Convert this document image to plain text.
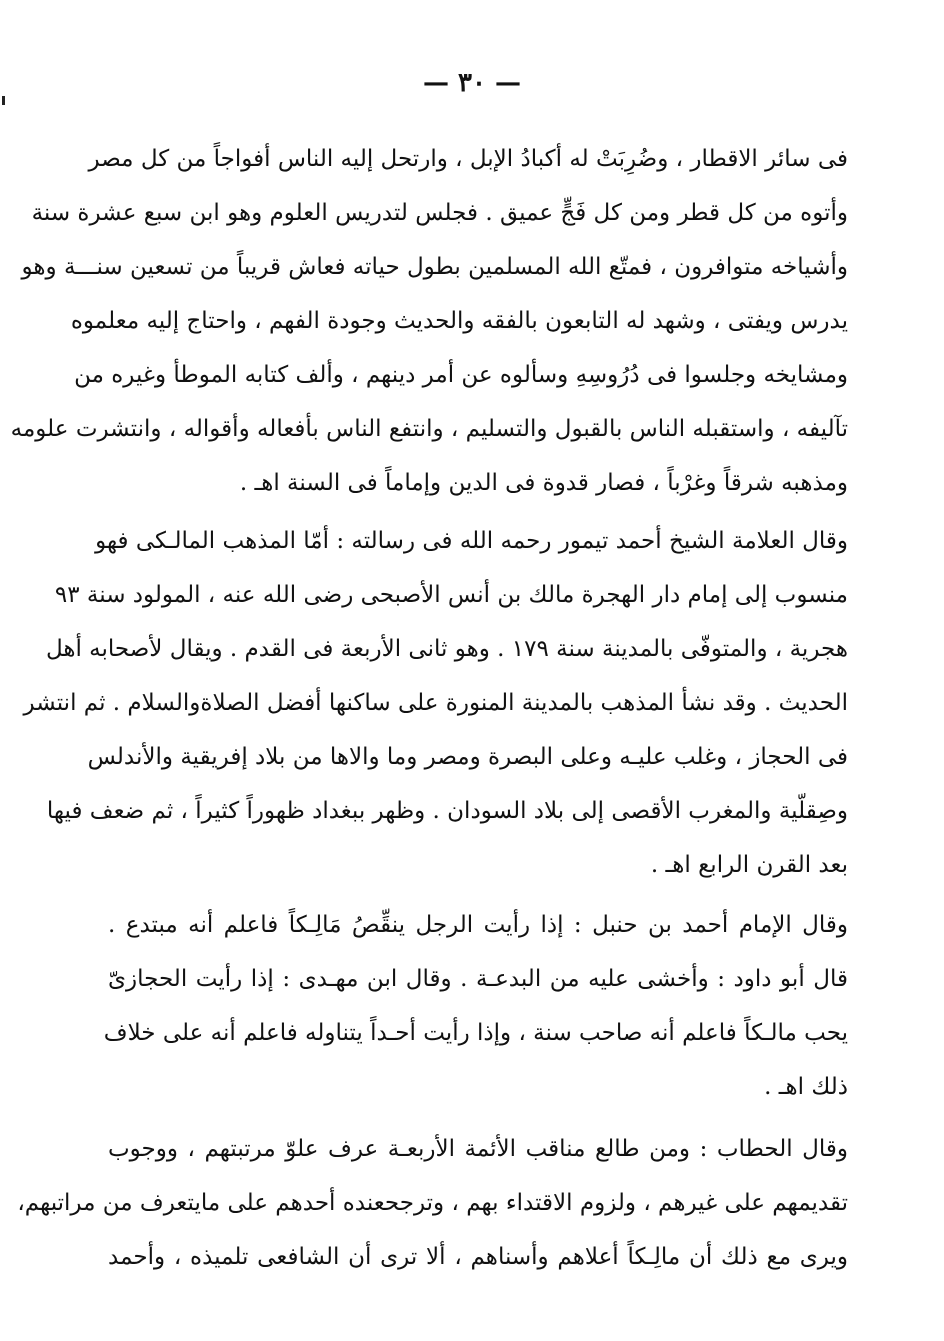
— ٣٠ —
فى سائر الاقطار ، وضُرِبَتْ له أكبادُ الإبل ، وارتحل إليه الناس أفواجاً من كل مصر
وأتوه من كل قطر ومن كل فَجٍّ عميق . فجلس لتدريس العلوم وهو ابن سبع عشرة سنة
وأشياخه متوافرون ، فمتّع الله المسلمين بطول حياته فعاش قريباً من تسعين سنـــة وهو
يدرس ويفتى ، وشهد له التابعون بالفقه والحديث وجودة الفهم ، واحتاج إليه معلموه
ومشايخه وجلسوا فى دُرُوسِهِ وسألوه عن أمر دينهم ، وألف كتابه الموطأ وغيره من
تآليفه ، واستقبله الناس بالقبول والتسليم ، وانتفع الناس بأفعاله وأقواله ، وانتشرت علومه
ومذهبه شرقاً وغرْباً ، فصار قدوة فى الدين وإماماً فى السنة اهـ .
وقال العلامة الشيخ أحمد تيمور رحمه الله فى رسالته : أمّا المذهب المالـكى فهو
منسوب إلى إمام دار الهجرة مالك بن أنس الأصبحى رضى الله عنه ، المولود سنة ٩٣
هجرية ، والمتوفّى بالمدينة سنة ١٧٩ . وهو ثانى الأربعة فى القدم . ويقال لأصحابه أهل
الحديث . وقد نشأ المذهب بالمدينة المنورة على ساكنها أفضل الصلاةوالسلام . ثم انتشر
فى الحجاز ، وغلب عليـه وعلى البصرة ومصر وما والاها من بلاد إفريقية والأندلس
وصِقلّية والمغرب الأقصى إلى بلاد السودان . وظهر ببغداد ظهوراً كثيراً ، ثم ضعف فيها
بعد القرن الرابع اهـ .
وقال الإمام أحمد بن حنبل : إذا رأيت الرجل ينقِّصُ مَالِـكاً فاعلم أنه مبتدع .
قال أبو داود : وأخشى عليه من البدعـة . وقال ابن مهـدى : إذا رأيت الحجازىّ
يحب مالـكاً فاعلم أنه صاحب سنة ، وإذا رأيت أحـداً يتناوله فاعلم أنه على خلاف
ذلك اهـ .
وقال الحطاب : ومن طالع مناقب الأئمة الأربعـة عرف علوّ مرتبتهم ، ووجوب
تقديمهم على غيرهم ، ولزوم الاقتداء بهم ، وترجحعنده أحدهم على مايتعرف من مراتبهم،
ويرى مع ذلك أن مالِـكاً أعلاهم وأسناهم ، ألا ترى أن الشافعى تلميذه ، وأحمد
